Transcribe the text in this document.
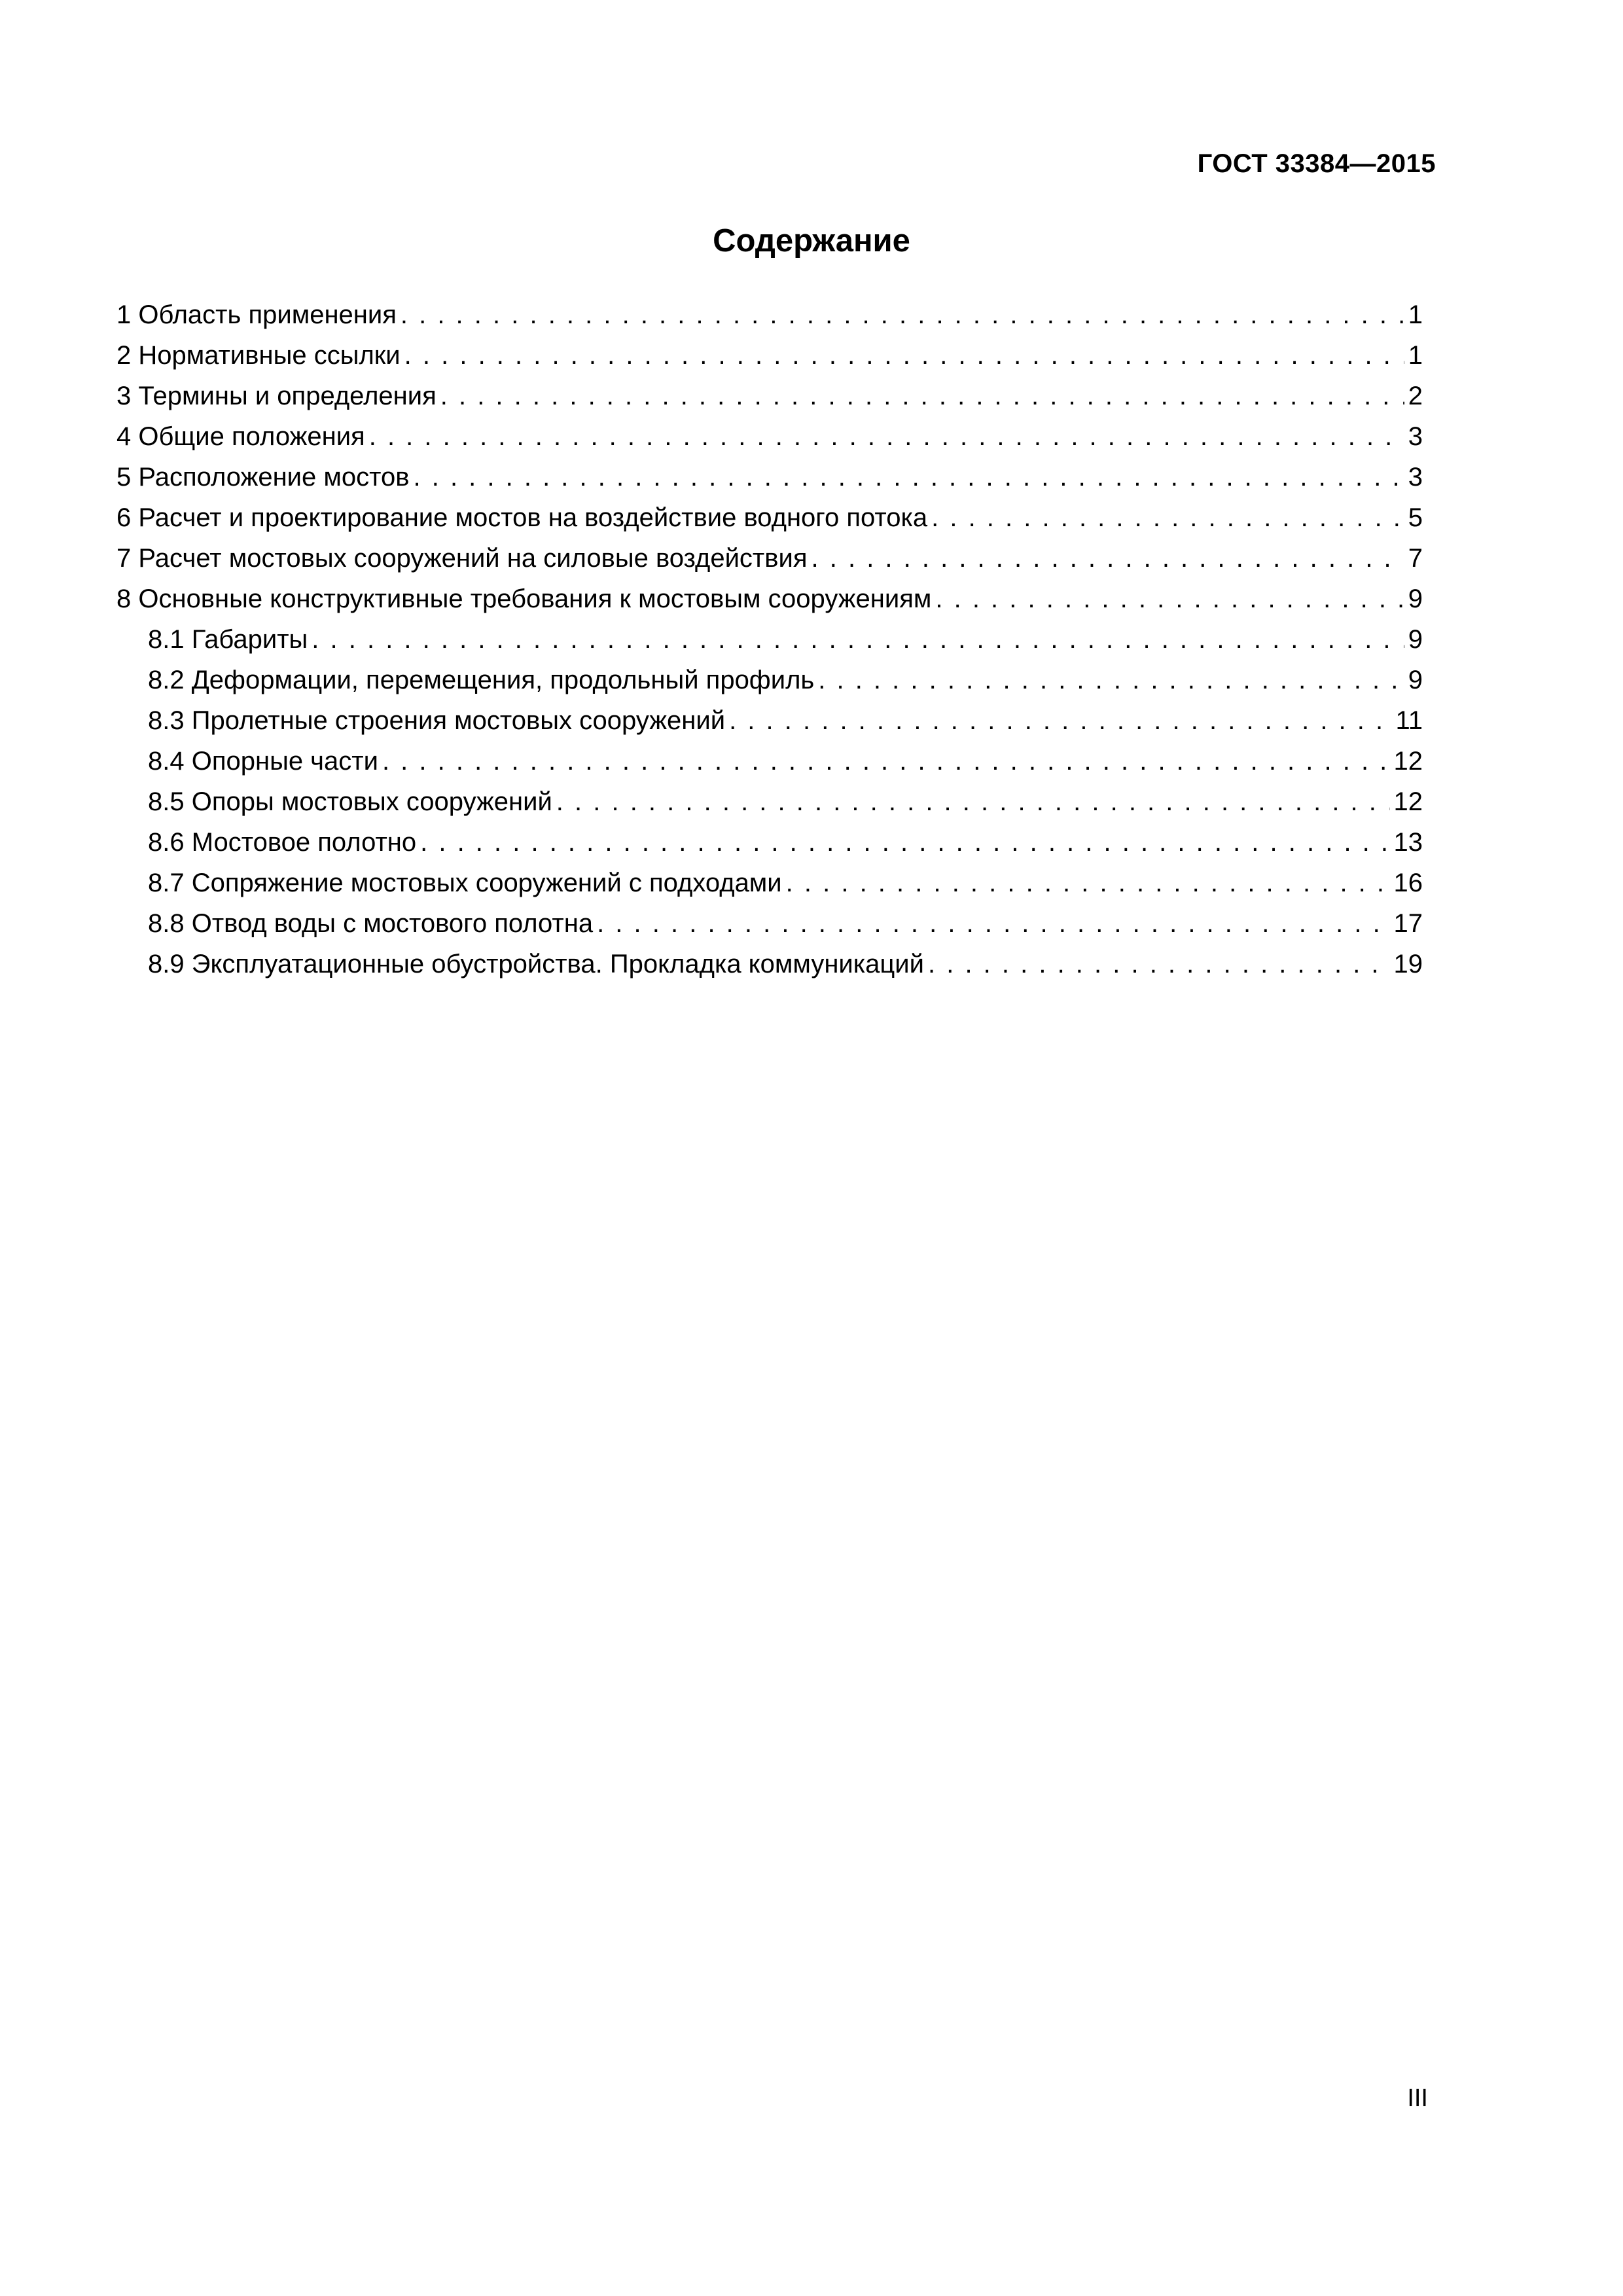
ГОСТ 33384—2015
Содержание
1 Область применения . . .	1
2 Нормативные ссылки . . .	1
3 Термины и определения . . .	2
4 Общие положения . . .	3
5 Расположение мостов . . .	3
6 Расчет и проектирование мостов на воздействие водного потока . . .	5
7 Расчет мостовых сооружений на силовые воздействия . . .	7
8 Основные конструктивные требования к мостовым сооружениям . . .	9
8.1 Габариты . . .	9
8.2 Деформации, перемещения, продольный профиль . . .	9
8.3 Пролетные строения мостовых сооружений . . .	11
8.4 Опорные части . . .	12
8.5 Опоры мостовых сооружений . . .	12
8.6 Мостовое полотно . . .	13
8.7 Сопряжение мостовых сооружений с подходами . . .	16
8.8 Отвод воды с мостового полотна . . .	17
8.9 Эксплуатационные обустройства. Прокладка коммуникаций . . .	19
III
